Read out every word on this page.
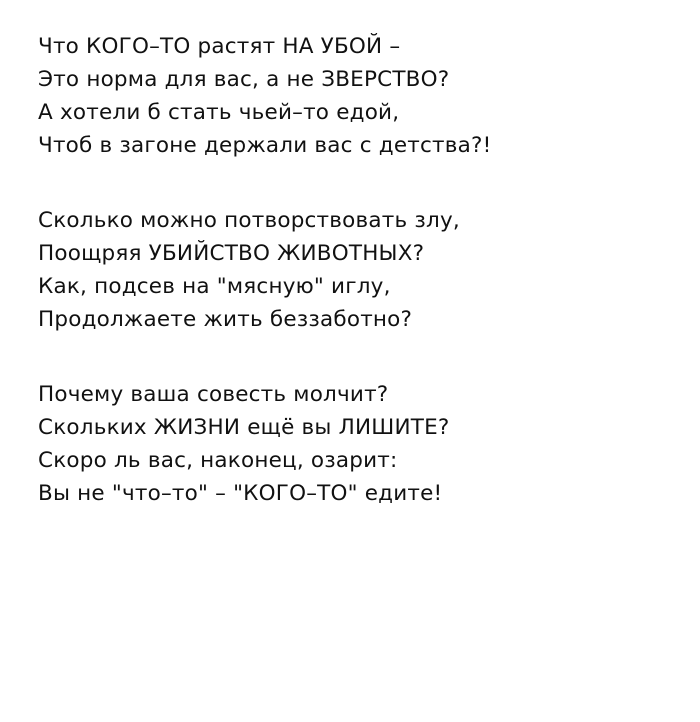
Что КОГО–ТО растят НА УБОЙ –
Это норма для вас, а не ЗВЕРСТВО?
А хотели б стать чьей–то едой,
Чтоб в загоне держали вас с детства?!
Сколько можно потворствовать злу,
Поощряя УБИЙСТВО ЖИВОТНЫХ?
Как, подсев на "мясную" иглу,
Продолжаете жить беззаботно?
Почему ваша совесть молчит?
Скольких ЖИЗНИ ещё вы ЛИШИТЕ?
Скоро ль вас, наконец, озарит:
Вы не "что–то" – "КОГО–ТО" едите!
